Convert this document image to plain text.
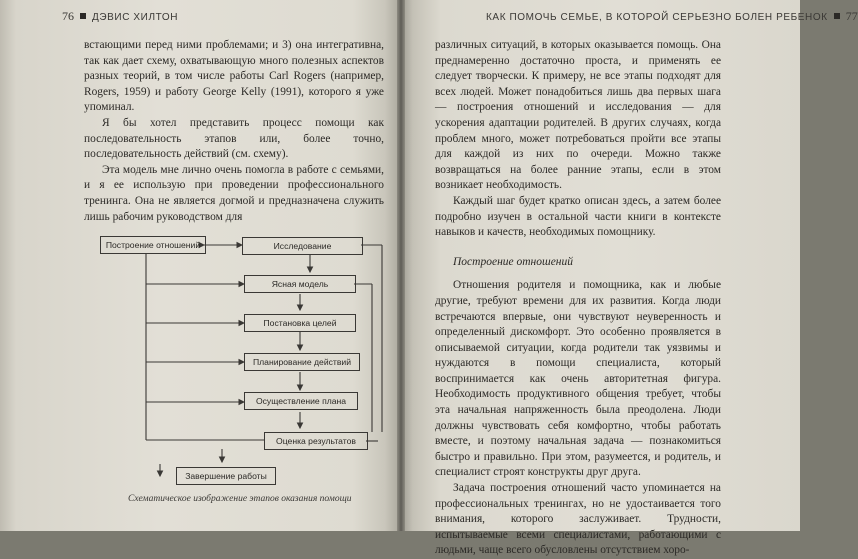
76 ДЭВИС ХИЛТОН

встающими перед ними проблемами; и 3) она интегративна, так как дает схему, охватывающую много полезных аспектов разных теорий, в том числе работы Carl Rogers (например, Rogers, 1959) и работу George Kelly (1991), которого я уже упоминал.

Я бы хотел представить процесс помощи как последовательность этапов или, более точно, последовательность действий (см. схему).

Эта модель мне лично очень помогла в работе с семьями, и я ее использую при проведении профессионального тренинга. Она не является догмой и предназначена служить лишь рабочим руководством для

Построение отношений	Исследование
Ясная модель
Постановка целей
Планирование действий
Осуществление плана
Оценка результатов
Завершение работы
Схематическое изображение этапов оказания помощи
КАК ПОМОЧЬ СЕМЬЕ, В КОТОРОЙ СЕРЬЕЗНО БОЛЕН РЕБЕНОК 77

различных ситуаций, в которых оказывается помощь. Она преднамеренно достаточно проста, и применять ее следует творчески. К примеру, не все этапы подходят для всех людей. Может понадобиться лишь два первых шага — построения отношений и исследования — для ускорения адаптации родителей. В других случаях, когда проблем много, может потребоваться пройти все этапы для каждой из них по очереди. Можно также возвращаться на более ранние этапы, если в этом возникает необходимость.

Каждый шаг будет кратко описан здесь, а затем более подробно изучен в остальной части книги в контексте навыков и качеств, необходимых помощнику.

Построение отношений

Отношения родителя и помощника, как и любые другие, требуют времени для их развития. Когда люди встречаются впервые, они чувствуют неуверенность и определенный дискомфорт. Это особенно проявляется в описываемой ситуации, когда родители так уязвимы и нуждаются в помощи специалиста, который воспринимается как очень авторитетная фигура. Необходимость продуктивного общения требует, чтобы эта начальная напряженность была преодолена. Люди должны чувствовать себя комфортно, чтобы работать вместе, и поэтому начальная задача — познакомиться быстро и правильно. При этом, разумеется, и родитель, и специалист строят конструкты друг друга.

Задача построения отношений часто упоминается на профессиональных тренингах, но не удостаивается того внимания, которого заслуживает. Трудности, испытываемые всеми специалистами, работающими с людьми, чаще всего обусловлены отсутствием хоро-
